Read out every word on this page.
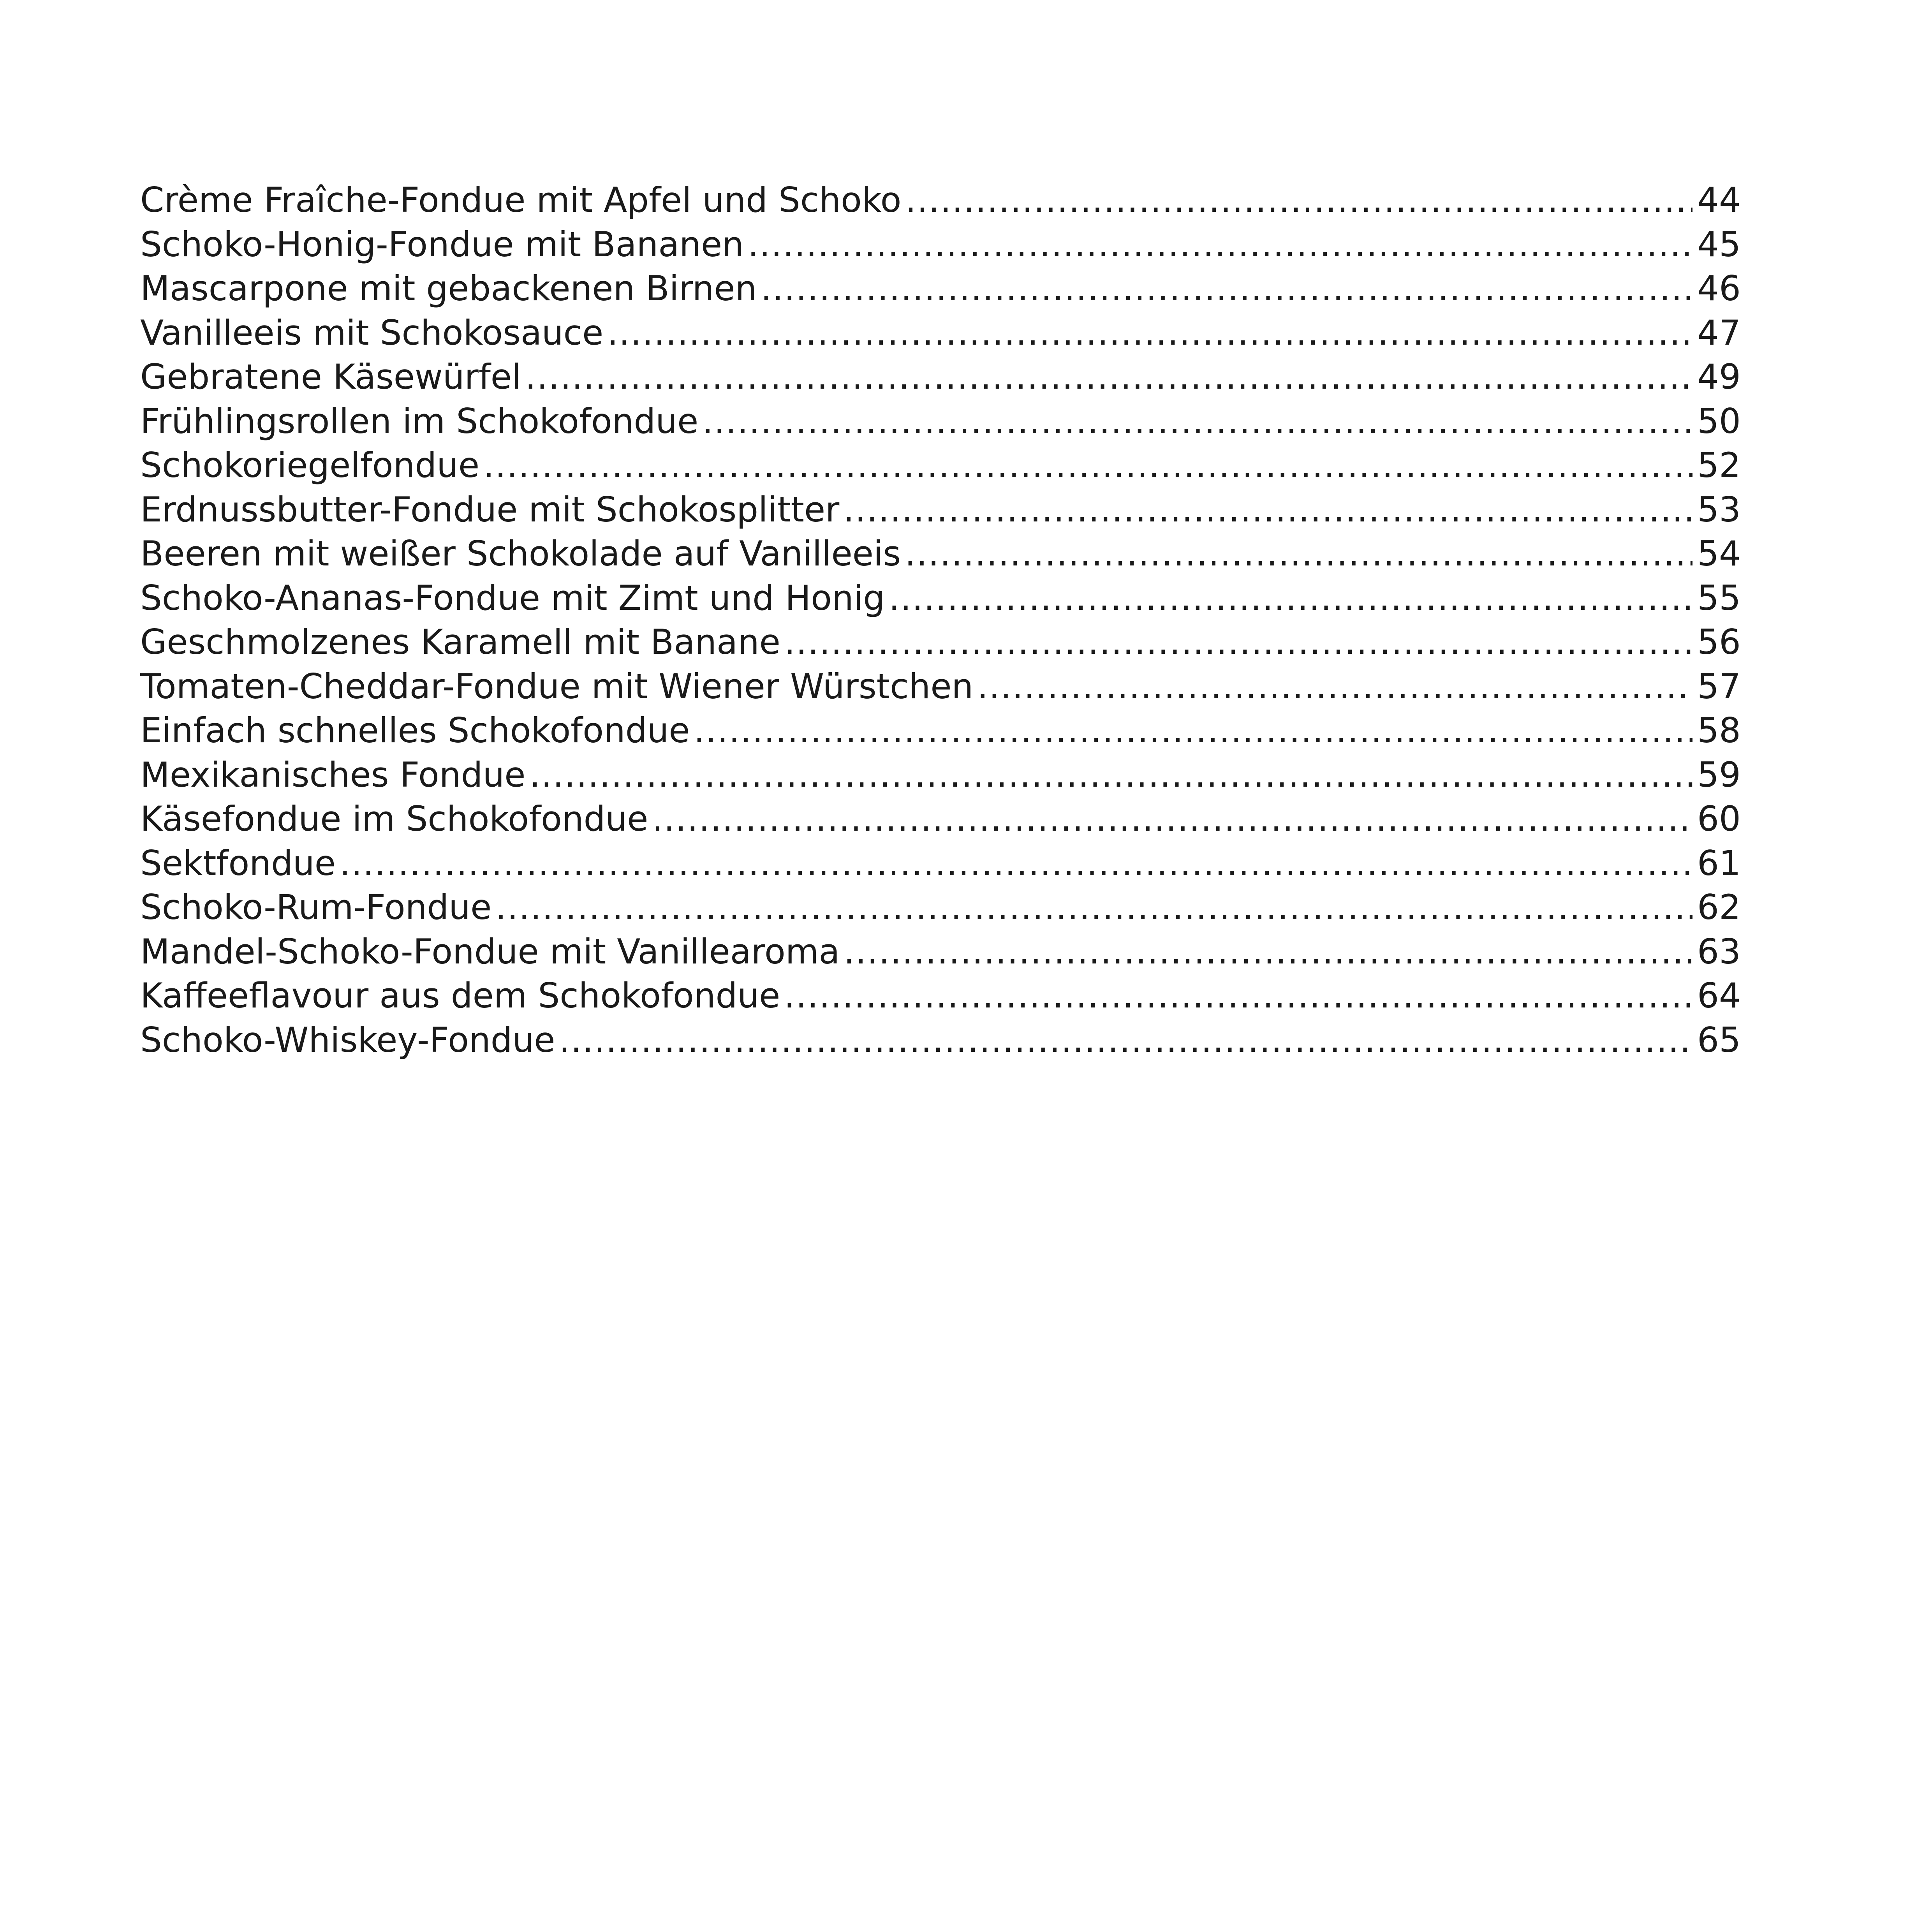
Crème Fraîche-Fondue mit Apfel und Schoko .....	44
Schoko-Honig-Fondue mit Bananen .....	45
Mascarpone mit gebackenen Birnen .....	46
Vanilleeis mit Schokosauce .....	47
Gebratene Käsewürfel .....	49
Frühlingsrollen im Schokofondue .....	50
Schokoriegelfondue .....	52
Erdnussbutter-Fondue mit Schokosplitter .....	53
Beeren mit weißer Schokolade auf Vanilleeis .....	54
Schoko-Ananas-Fondue mit Zimt und Honig .....	55
Geschmolzenes Karamell mit Banane .....	56
Tomaten-Cheddar-Fondue mit Wiener Würstchen .....	57
Einfach schnelles Schokofondue .....	58
Mexikanisches Fondue .....	59
Käsefondue im Schokofondue .....	60
Sektfondue .....	61
Schoko-Rum-Fondue .....	62
Mandel-Schoko-Fondue mit Vanillearoma .....	63
Kaffeeflavour aus dem Schokofondue .....	64
Schoko-Whiskey-Fondue .....	65
